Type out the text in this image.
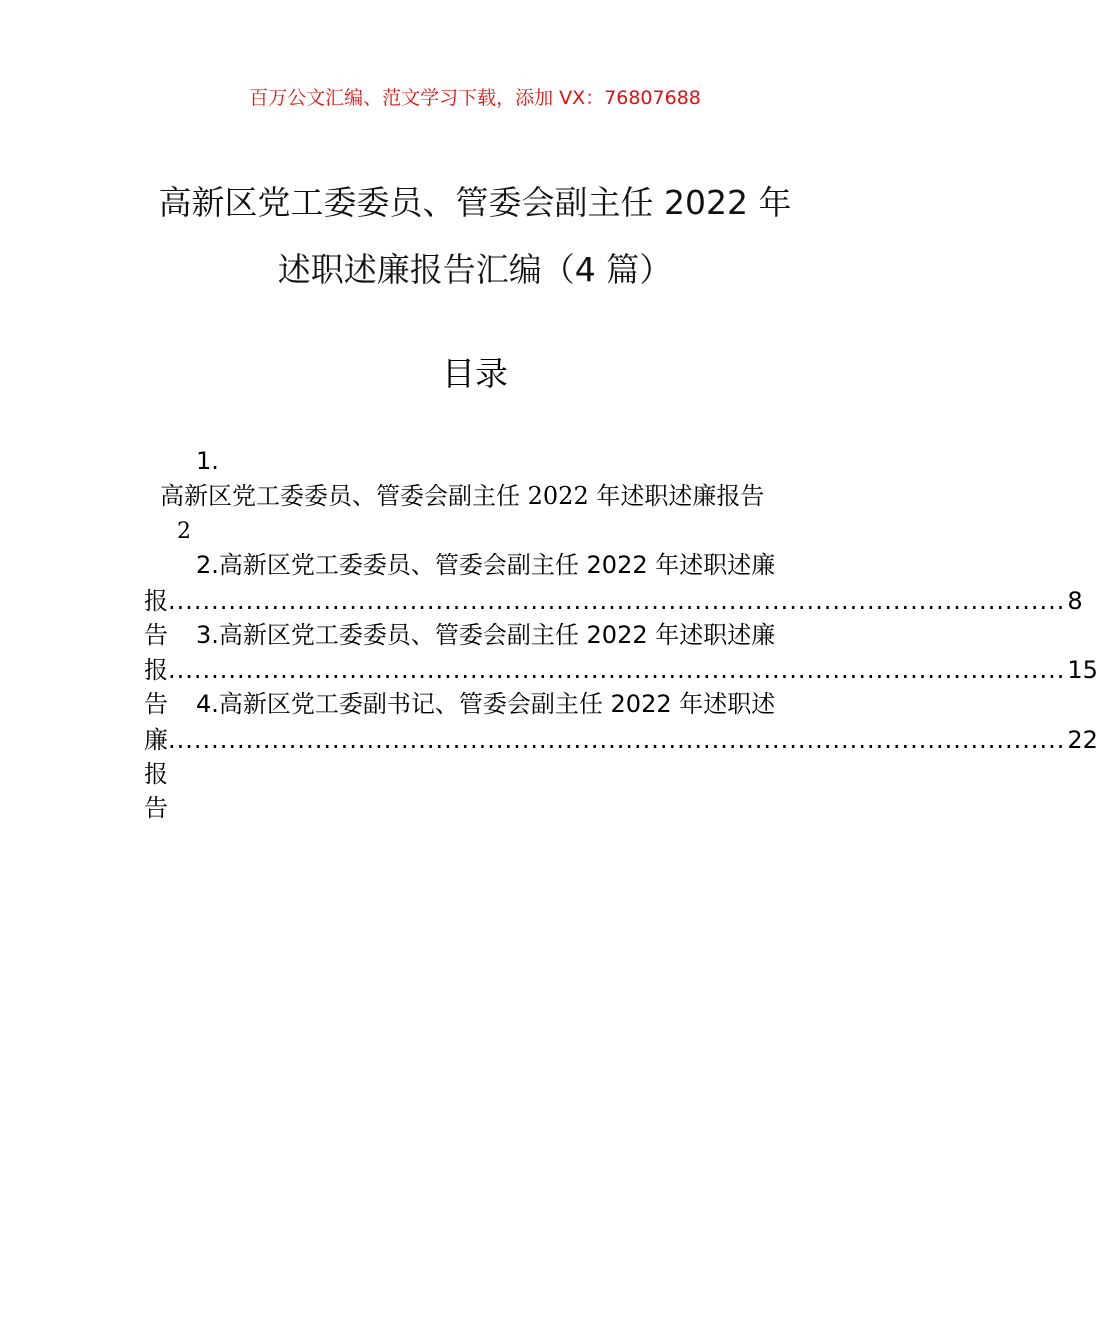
百万公文汇编、范文学习下载，添加 VX：76807688
高新区党工委委员、管委会副主任 2022 年
述职述廉报告汇编（4 篇）
目录
1.
高新区党工委委员、管委会副主任 2022 年述职述廉报告
2
2.高新区党工委委员、管委会副主任 2022 年述职述廉
报告
........................................................................................................ 8
3.高新区党工委委员、管委会副主任 2022 年述职述廉
报告
........................................................................................................ 15
4.高新区党工委副书记、管委会副主任 2022 年述职述
廉报告
........................................................................................................ 22
